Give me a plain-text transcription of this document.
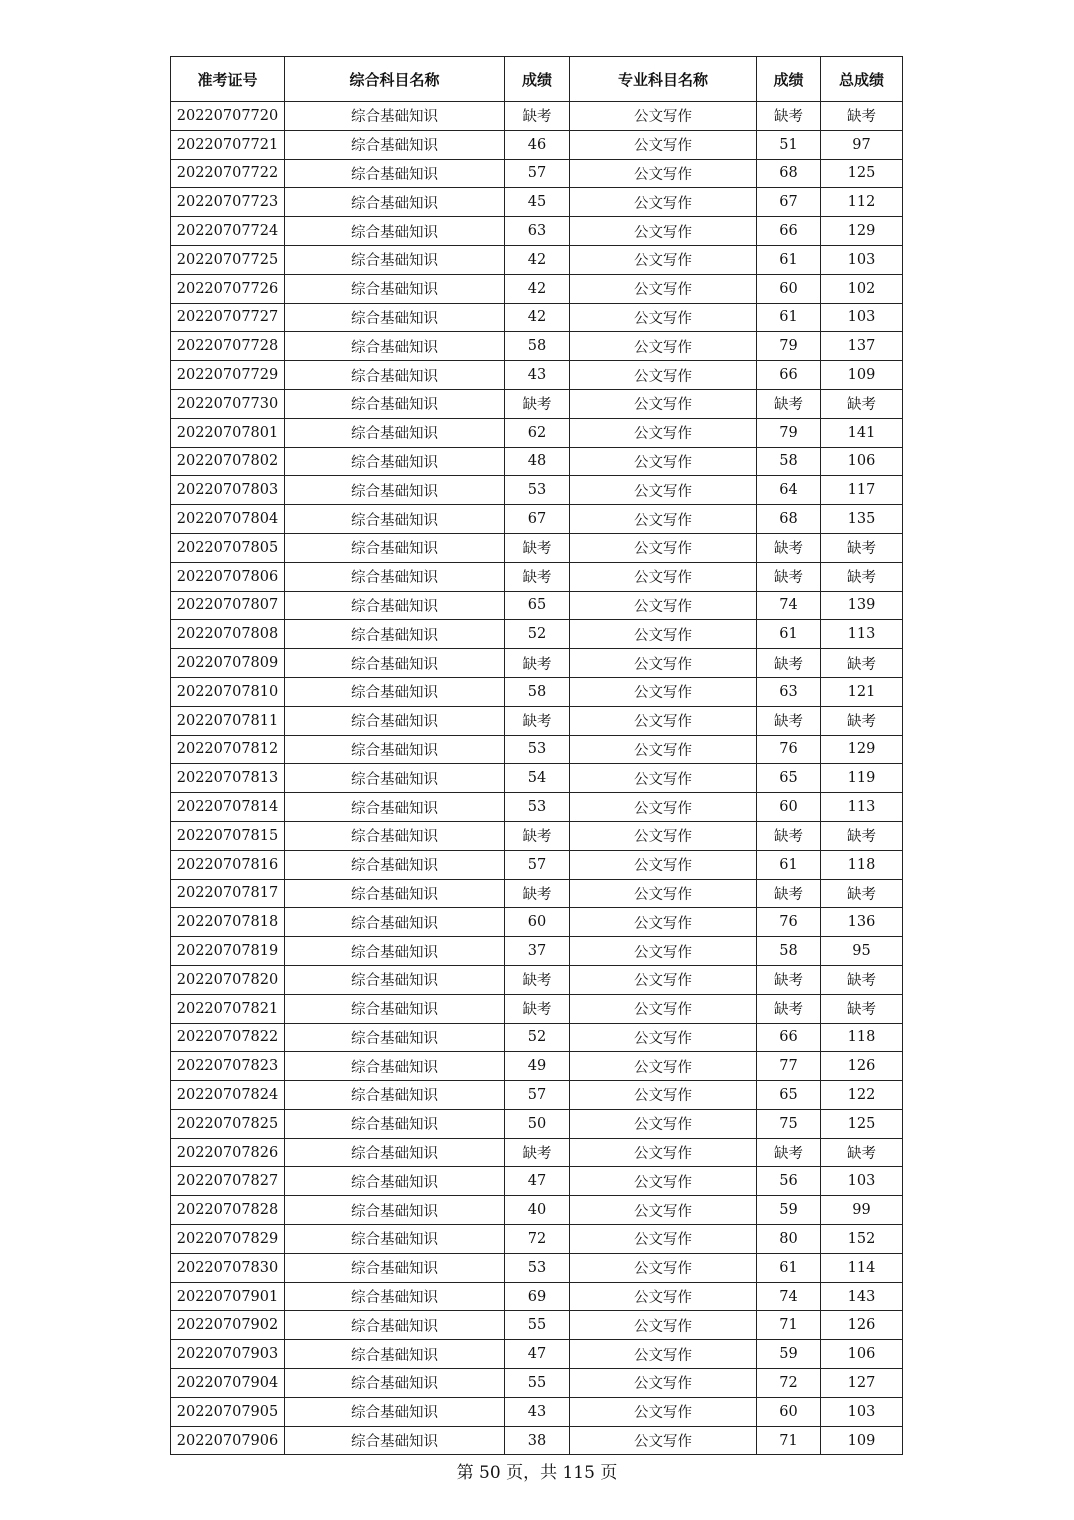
准考证号	综合科目名称	成绩	专业科目名称	成绩	总成绩
20220707720	综合基础知识	缺考	公文写作	缺考	缺考
20220707721	综合基础知识	46	公文写作	51	97
20220707722	综合基础知识	57	公文写作	68	125
20220707723	综合基础知识	45	公文写作	67	112
20220707724	综合基础知识	63	公文写作	66	129
20220707725	综合基础知识	42	公文写作	61	103
20220707726	综合基础知识	42	公文写作	60	102
20220707727	综合基础知识	42	公文写作	61	103
20220707728	综合基础知识	58	公文写作	79	137
20220707729	综合基础知识	43	公文写作	66	109
20220707730	综合基础知识	缺考	公文写作	缺考	缺考
20220707801	综合基础知识	62	公文写作	79	141
20220707802	综合基础知识	48	公文写作	58	106
20220707803	综合基础知识	53	公文写作	64	117
20220707804	综合基础知识	67	公文写作	68	135
20220707805	综合基础知识	缺考	公文写作	缺考	缺考
20220707806	综合基础知识	缺考	公文写作	缺考	缺考
20220707807	综合基础知识	65	公文写作	74	139
20220707808	综合基础知识	52	公文写作	61	113
20220707809	综合基础知识	缺考	公文写作	缺考	缺考
20220707810	综合基础知识	58	公文写作	63	121
20220707811	综合基础知识	缺考	公文写作	缺考	缺考
20220707812	综合基础知识	53	公文写作	76	129
20220707813	综合基础知识	54	公文写作	65	119
20220707814	综合基础知识	53	公文写作	60	113
20220707815	综合基础知识	缺考	公文写作	缺考	缺考
20220707816	综合基础知识	57	公文写作	61	118
20220707817	综合基础知识	缺考	公文写作	缺考	缺考
20220707818	综合基础知识	60	公文写作	76	136
20220707819	综合基础知识	37	公文写作	58	95
20220707820	综合基础知识	缺考	公文写作	缺考	缺考
20220707821	综合基础知识	缺考	公文写作	缺考	缺考
20220707822	综合基础知识	52	公文写作	66	118
20220707823	综合基础知识	49	公文写作	77	126
20220707824	综合基础知识	57	公文写作	65	122
20220707825	综合基础知识	50	公文写作	75	125
20220707826	综合基础知识	缺考	公文写作	缺考	缺考
20220707827	综合基础知识	47	公文写作	56	103
20220707828	综合基础知识	40	公文写作	59	99
20220707829	综合基础知识	72	公文写作	80	152
20220707830	综合基础知识	53	公文写作	61	114
20220707901	综合基础知识	69	公文写作	74	143
20220707902	综合基础知识	55	公文写作	71	126
20220707903	综合基础知识	47	公文写作	59	106
20220707904	综合基础知识	55	公文写作	72	127
20220707905	综合基础知识	43	公文写作	60	103
20220707906	综合基础知识	38	公文写作	71	109
第 50 页，共 115 页
